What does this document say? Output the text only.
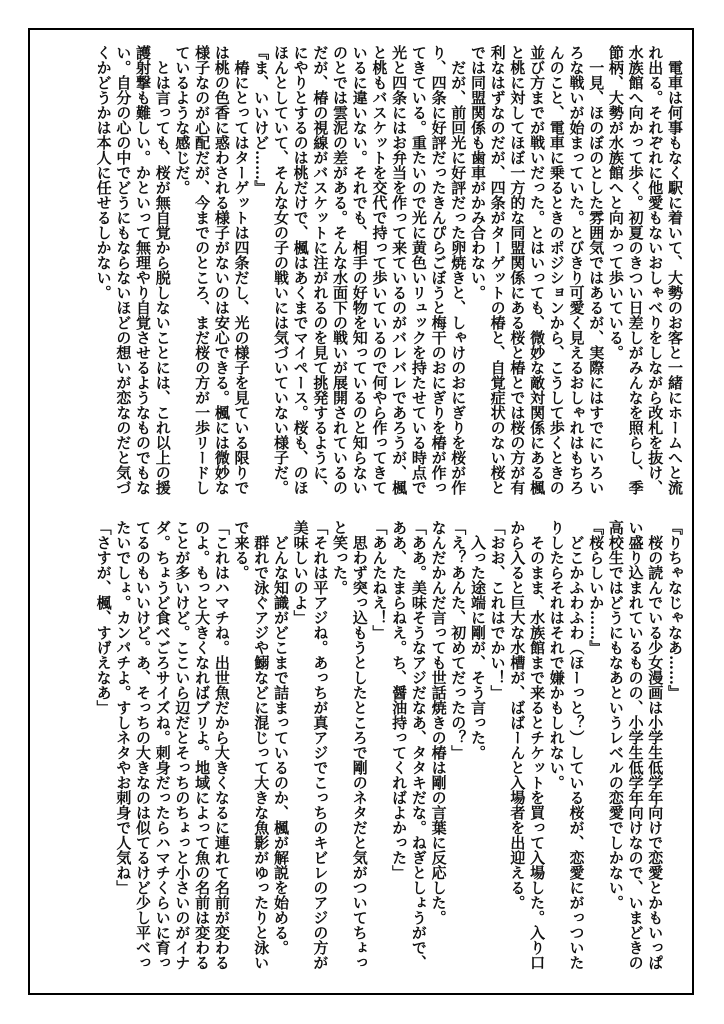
　電車は何事もなく駅に着いて、大勢のお客と一緒にホームへと流
れ出る。それぞれに他愛もないおしゃべりをしながら改札を抜け、
水族館へ向かって歩く。初夏のきつい日差しがみんなを照らし、季
節柄、大勢が水族館へと向かって歩いている。
　一見、ほのぼのとした雰囲気ではあるが、実際にはすでにいろい
ろな戦いが始まっていた。とびきり可愛く見えるおしゃれはもちろ
んのこと、電車に乗るときのポジションから、こうして歩くときの
並び方までが戦いだった。とはいっても、微妙な敵対関係にある楓
と桃に対してほぼ一方的な同盟関係にある桜と椿とでは桜の方が有
利なはずなのだが、四条がターゲットの椿と、自覚症状のない桜と
では同盟関係も歯車がかみ合わない。
　だが、前回光に好評だった卵焼きと、しゃけのおにぎりを桜が作
り、四条に好評だったきんぴらごぼうと梅干のおにぎりを椿が作っ
てきている。重たいので光に黄色いリュックを持たせている時点で
光と四条にはお弁当を作って来ているのがバレバレであろうが、楓
と桃もバスケットを交代で持って歩いているので何やら作ってきて
いるに違いない。それでも、相手の好物を知っているのと知らない
のとでは雲泥の差がある。そんな水面下の戦いが展開されているの
だが、椿の視線がバスケットに注がれるのを見て挑発するように、
にやりとするのは桃だけで、楓はあくまでマイペース。桜も、のほ
ほんとしていて、そんな女の子の戦いには気づいていない様子だ。
『ま、いいけど……』
　椿にとってはターゲットは四条だし、光の様子を見ている限りで
は桃の色香に惑わされる様子がないのは安心できる。楓には微妙な
様子なのが心配だが、今までのところ、まだ桜の方が一歩リードし
ているような感じだ。
　とは言っても、桜が無自覚から脱しないことには、これ以上の援
護射撃も難しい。かといって無理やり自覚させるようなものでもな
い。自分の心の中でどうにもならないほどの想いが恋なのだと気づ
くかどうかは本人に任せるしかない。
『りちゃなじゃなあ……』
　桜の読んでいる少女漫画は小学生低学年向けで恋愛とかもいっぱ
い盛り込まれているものの、小学生低学年向けなので、いまどきの
高校生ではどうにもなあというレベルの恋愛でしかない。
『桜らしいか……』
　どこかふわふわ（ほーっと？）している桜が、恋愛にがっついた
りしたらそれはそれで嫌かもしれない。
　そのまま、水族館まで来るとチケットを買って入場した。入り口
から入ると巨大な水槽が、ばばーんと入場者を出迎える。
「おお、これはでかい！」
　入った途端に剛が、そう言った。
「え？あんた、初めてだったの？」
なんだかんだ言っても世話焼きの椿は剛の言葉に反応した。
「ああ。美味そうなアジだなあ、タタキだな。ねぎとしょうがで、
ああ、たまらねえ。ち、醤油持ってくればよかった」
「あんたねえ！」
　思わず突っ込もうとしたところで剛のネタだと気がついてちょっ
と笑った。
「それは平アジね。あっちが真アジでこっちのキビレのアジの方が
美味しいのよ」
　どんな知識がどこまで詰まっているのか、楓が解説を始める。
　群れで泳ぐアジや鰯などに混じって大きな魚影がゆったりと泳い
で来る。
「これはハマチね。出世魚だから大きくなるに連れて名前が変わる
のよ。もっと大きくなればブリよ。地域によって魚の名前は変わる
ことが多いけど。ここいら辺だとそっちのちょっと小さいのがイナ
ダ。ちょうど食べごろサイズね。刺身だったらハマチくらいに育っ
てるのもいいけど。あ、そっちの大きなのは似てるけど少し平べっ
たいでしょ。カンパチよ。すしネタやお刺身で人気ね」
「さすが、楓、すげえなあ」
